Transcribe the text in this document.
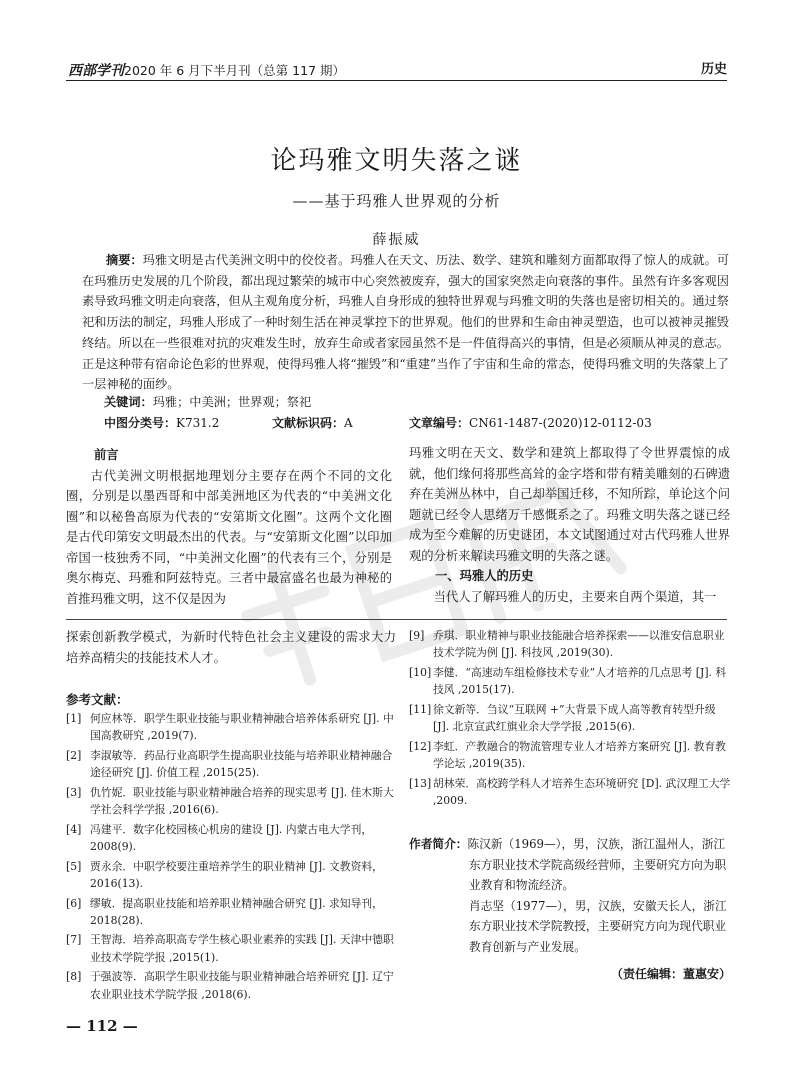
西部学刊2020 年 6 月下半月刊（总第 117 期）	历史
论玛雅文明失落之谜
——基于玛雅人世界观的分析
薛振威
摘要：玛雅文明是古代美洲文明中的佼佼者。玛雅人在天文、历法、数学、建筑和雕刻方面都取得了惊人的成就。可在玛雅历史发展的几个阶段，都出现过繁荣的城市中心突然被废弃，强大的国家突然走向衰落的事件。虽然有许多客观因素导致玛雅文明走向衰落，但从主观角度分析，玛雅人自身形成的独特世界观与玛雅文明的失落也是密切相关的。通过祭祀和历法的制定，玛雅人形成了一种时刻生活在神灵掌控下的世界观。他们的世界和生命由神灵塑造，也可以被神灵摧毁终结。所以在一些很难对抗的灾难发生时，放弃生命或者家园虽然不是一件值得高兴的事情，但是必须顺从神灵的意志。正是这种带有宿命论色彩的世界观，使得玛雅人将“摧毁”和“重建”当作了宇宙和生命的常态，使得玛雅文明的失落蒙上了一层神秘的面纱。
关键词：玛雅；中美洲；世界观；祭祀
中图分类号：K731.2	文献标识码：A	文章编号：CN61-1487-(2020)12-0112-03
前言

古代美洲文明根据地理划分主要存在两个不同的文化圈，分别是以墨西哥和中部美洲地区为代表的“中美洲文化圈”和以秘鲁高原为代表的“安第斯文化圈”。这两个文化圈是古代印第安文明最杰出的代表。与“安第斯文化圈”以印加帝国一枝独秀不同，“中美洲文化圈”的代表有三个，分别是奥尔梅克、玛雅和阿兹特克。三者中最富盛名也最为神秘的首推玛雅文明，这不仅是因为

玛雅文明在天文、数学和建筑上都取得了令世界震惊的成就，他们缘何将那些高耸的金字塔和带有精美雕刻的石碑遗弃在美洲丛林中，自己却举国迁移，不知所踪，单论这个问题就已经令人思绪万千感慨系之了。玛雅文明失落之谜已经成为至今难解的历史谜团，本文试图通过对古代玛雅人世界观的分析来解读玛雅文明的失落之谜。

一、玛雅人的历史

当代人了解玛雅人的历史，主要来自两个渠道，其一

探索创新教学模式，为新时代特色社会主义建设的需求大力培养高精尖的技能技术人才。
参考文献：
[1] 何应林等．职学生职业技能与职业精神融合培养体系研究 [J]. 中国高教研究 ,2019(7).
[2] 李淑敏等．药品行业高职学生提高职业技能与培养职业精神融合途径研究 [J]. 价值工程 ,2015(25).
[3] 仇竹妮．职业技能与职业精神融合培养的现实思考 [J]. 佳木斯大学社会科学学报 ,2016(6).
[4] 冯建平．数字化校园核心机房的建设 [J]. 内蒙古电大学刊，2008(9).
[5] 贾永余．中职学校要注重培养学生的职业精神 [J]. 文教资料，2016(13).
[6] 缪敏．提高职业技能和培养职业精神融合研究 [J]. 求知导刊，2018(28).
[7] 王智海．培养高职高专学生核心职业素养的实践 [J]. 天津中德职业技术学院学报 ,2015(1).
[8] 于强波等．高职学生职业技能与职业精神融合培养研究 [J]. 辽宁农业职业技术学院学报 ,2018(6).
[9] 乔琪．职业精神与职业技能融合培养探索——以淮安信息职业技术学院为例 [J]. 科技风 ,2019(30).
[10] 李健．“高速动车组检修技术专业”人才培养的几点思考 [J]. 科技风 ,2015(17).
[11] 徐文新等．刍议“互联网 +”大背景下成人高等教育转型升级 [J]. 北京宣武红旗业余大学学报 ,2015(6).
[12] 李虹．产教融合的物流管理专业人才培养方案研究 [J]. 教育教学论坛 ,2019(35).
[13] 胡林荣．高校跨学科人才培养生态环境研究 [D]. 武汉理工大学 ,2009.

作者简介：陈汉新（1969—），男，汉族，浙江温州人，浙江

东方职业技术学院高级经营师，主要研究方向为职业教育和物流经济。

肖志坚（1977—），男，汉族，安徽天长人，浙江

东方职业技术学院教授，主要研究方向为现代职业教育创新与产业发展。

（责任编辑：董惠安）
— 112 —
